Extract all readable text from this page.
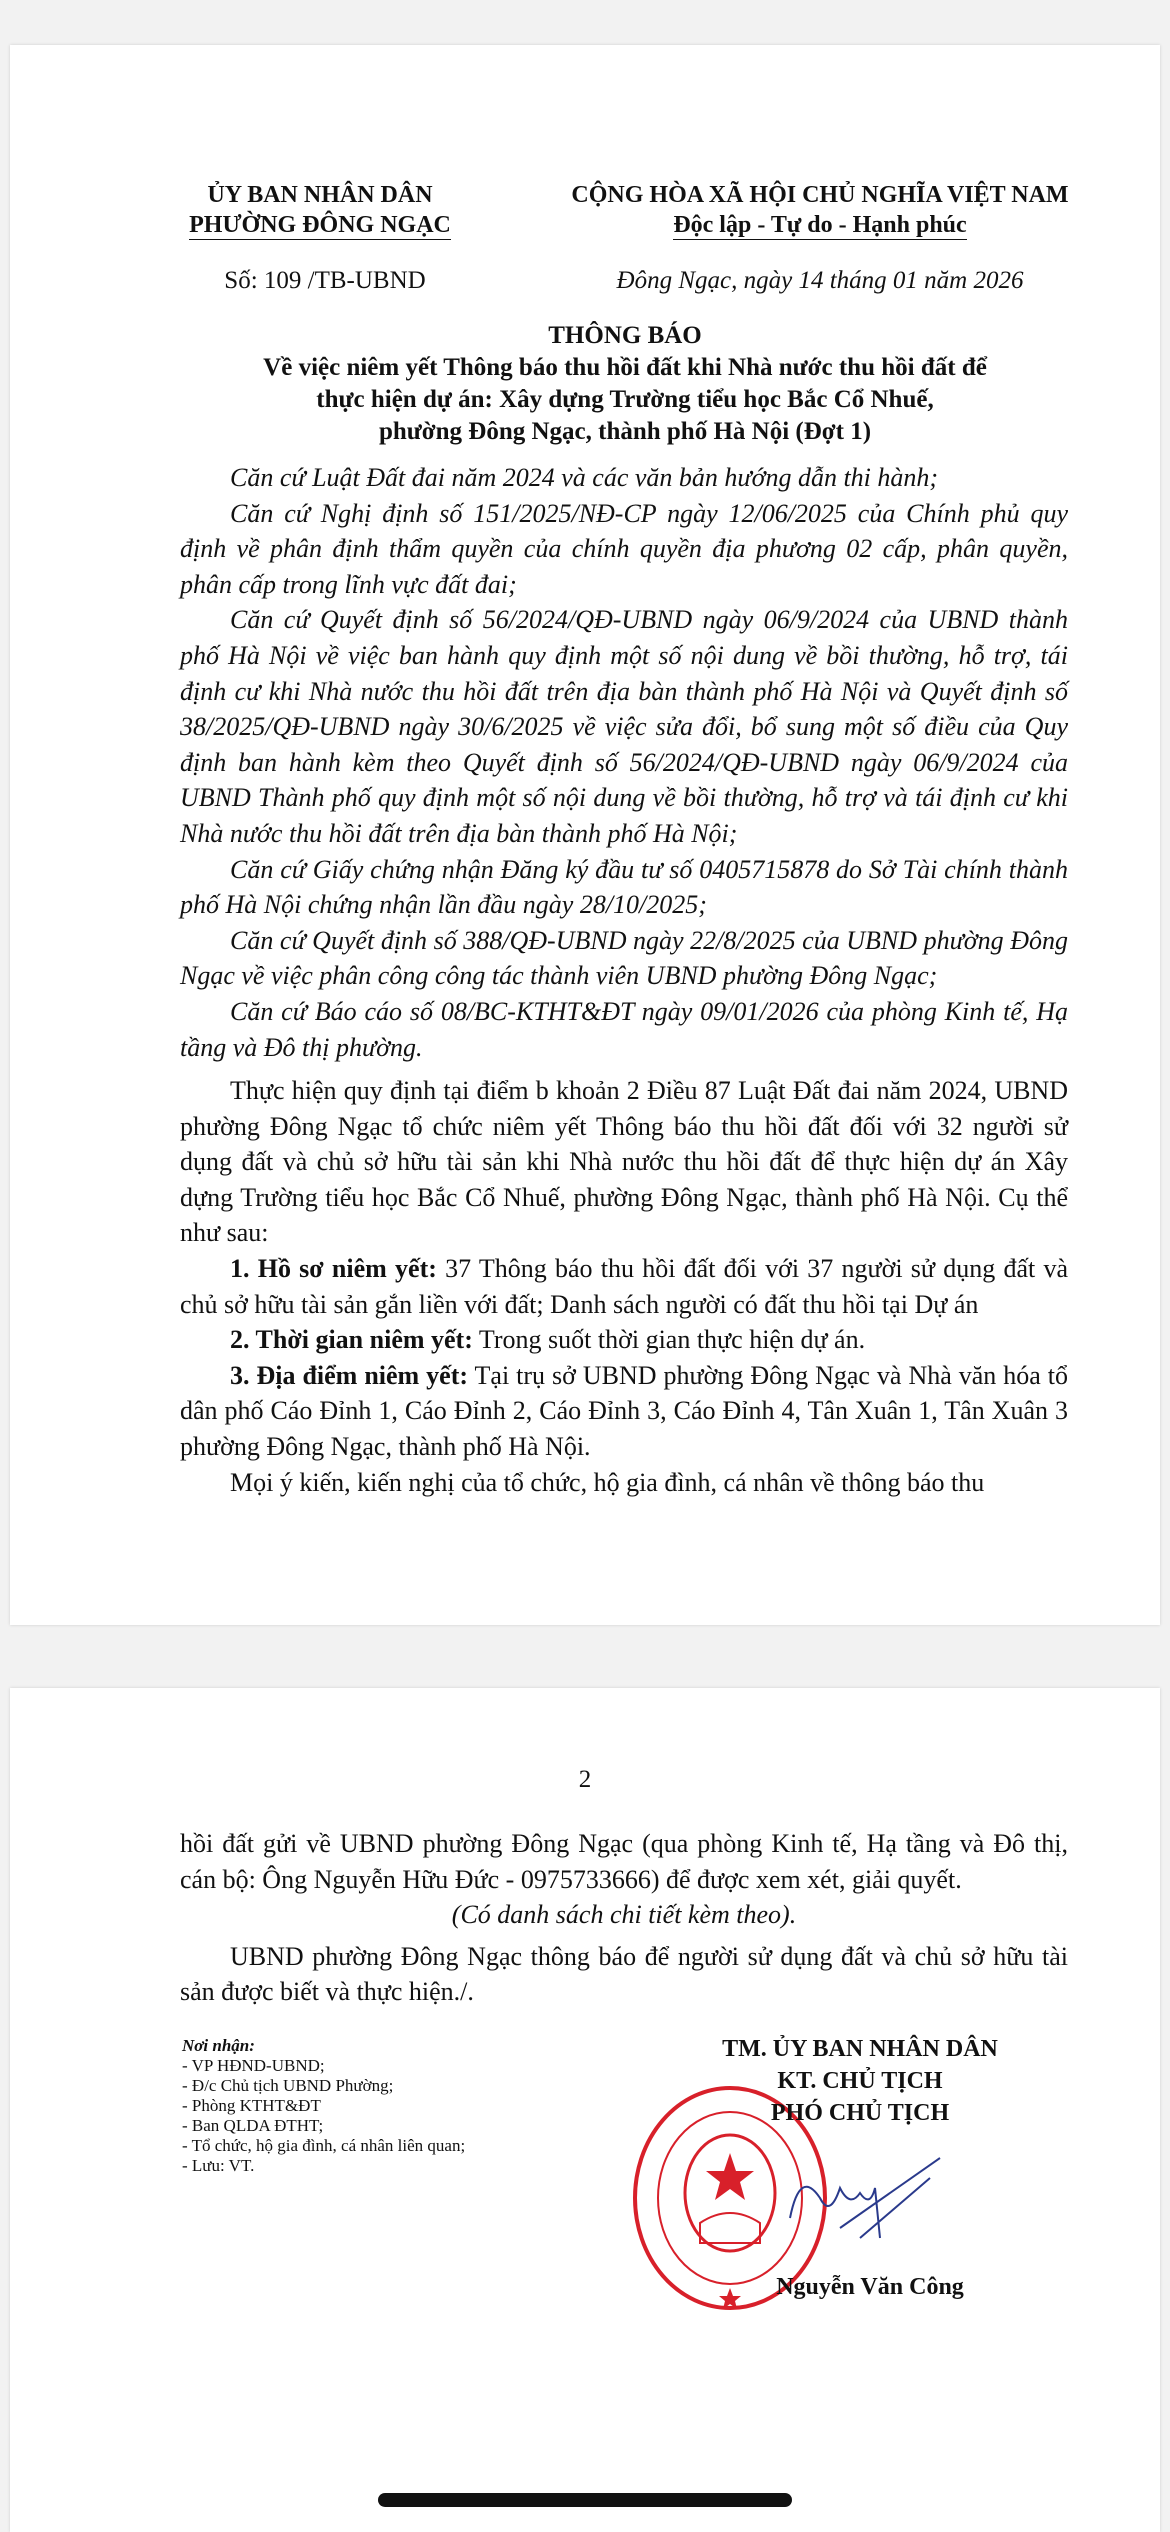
ỦY BAN NHÂN DÂN
PHƯỜNG ĐÔNG NGẠC
CỘNG HÒA XÃ HỘI CHỦ NGHĨA VIỆT NAM
Độc lập - Tự do - Hạnh phúc
Số: 109 /TB-UBND	Đông Ngạc, ngày 14 tháng 01 năm 2026
THÔNG BÁO
Về việc niêm yết Thông báo thu hồi đất khi Nhà nước thu hồi đất để
thực hiện dự án: Xây dựng Trường tiểu học Bắc Cổ Nhuế,
phường Đông Ngạc, thành phố Hà Nội (Đợt 1)

Căn cứ Luật Đất đai năm 2024 và các văn bản hướng dẫn thi hành;

Căn cứ Nghị định số 151/2025/NĐ-CP ngày 12/06/2025 của Chính phủ quy định về phân định thẩm quyền của chính quyền địa phương 02 cấp, phân quyền, phân cấp trong lĩnh vực đất đai;

Căn cứ Quyết định số 56/2024/QĐ-UBND ngày 06/9/2024 của UBND thành phố Hà Nội về việc ban hành quy định một số nội dung về bồi thường, hỗ trợ, tái định cư khi Nhà nước thu hồi đất trên địa bàn thành phố Hà Nội và Quyết định số 38/2025/QĐ-UBND ngày 30/6/2025 về việc sửa đổi, bổ sung một số điều của Quy định ban hành kèm theo Quyết định số 56/2024/QĐ-UBND ngày 06/9/2024 của UBND Thành phố quy định một số nội dung về bồi thường, hỗ trợ và tái định cư khi Nhà nước thu hồi đất trên địa bàn thành phố Hà Nội;

Căn cứ Giấy chứng nhận Đăng ký đầu tư số 0405715878 do Sở Tài chính thành phố Hà Nội chứng nhận lần đầu ngày 28/10/2025;

Căn cứ Quyết định số 388/QĐ-UBND ngày 22/8/2025 của UBND phường Đông Ngạc về việc phân công công tác thành viên UBND phường Đông Ngạc;

Căn cứ Báo cáo số 08/BC-KTHT&ĐT ngày 09/01/2026 của phòng Kinh tế, Hạ tầng và Đô thị phường.

Thực hiện quy định tại điểm b khoản 2 Điều 87 Luật Đất đai năm 2024, UBND phường Đông Ngạc tổ chức niêm yết Thông báo thu hồi đất đối với 32 người sử dụng đất và chủ sở hữu tài sản khi Nhà nước thu hồi đất để thực hiện dự án Xây dựng Trường tiểu học Bắc Cổ Nhuế, phường Đông Ngạc, thành phố Hà Nội. Cụ thể như sau:

1. Hồ sơ niêm yết: 37 Thông báo thu hồi đất đối với 37 người sử dụng đất và chủ sở hữu tài sản gắn liền với đất; Danh sách người có đất thu hồi tại Dự án

2. Thời gian niêm yết: Trong suốt thời gian thực hiện dự án.

3. Địa điểm niêm yết: Tại trụ sở UBND phường Đông Ngạc và Nhà văn hóa tổ dân phố Cáo Đỉnh 1, Cáo Đỉnh 2, Cáo Đỉnh 3, Cáo Đỉnh 4, Tân Xuân 1, Tân Xuân 3 phường Đông Ngạc, thành phố Hà Nội.

Mọi ý kiến, kiến nghị của tổ chức, hộ gia đình, cá nhân về thông báo thu

2

hồi đất gửi về UBND phường Đông Ngạc (qua phòng Kinh tế, Hạ tầng và Đô thị, cán bộ: Ông Nguyễn Hữu Đức - 0975733666) để được xem xét, giải quyết.

(Có danh sách chi tiết kèm theo).

UBND phường Đông Ngạc thông báo để người sử dụng đất và chủ sở hữu tài sản được biết và thực hiện./.

Nơi nhận:
- VP HĐND-UBND;
- Đ/c Chủ tịch UBND Phường;
- Phòng KTHT&ĐT
- Ban QLDA ĐTHT;
- Tổ chức, hộ gia đình, cá nhân liên quan;
- Lưu: VT.
TM. ỦY BAN NHÂN DÂN
KT. CHỦ TỊCH
PHÓ CHỦ TỊCH
Nguyễn Văn Công
